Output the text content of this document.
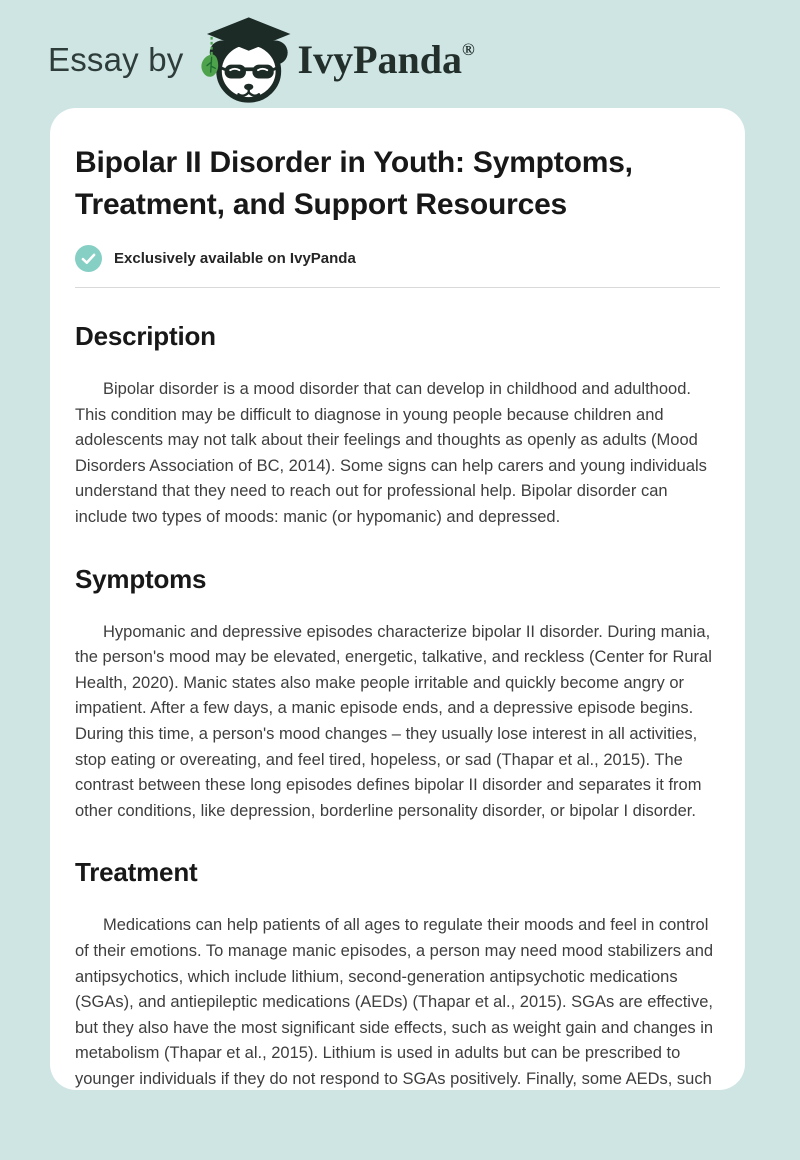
Essay by	IvyPanda®
Bipolar II Disorder in Youth: Symptoms, Treatment, and Support Resources
Exclusively available on IvyPanda
Description

Bipolar disorder is a mood disorder that can develop in childhood and adulthood. This condition may be difficult to diagnose in young people because children and adolescents may not talk about their feelings and thoughts as openly as adults (Mood Disorders Association of BC, 2014). Some signs can help carers and young individuals understand that they need to reach out for professional help. Bipolar disorder can include two types of moods: manic (or hypomanic) and depressed.

Symptoms

Hypomanic and depressive episodes characterize bipolar II disorder. During mania, the person's mood may be elevated, energetic, talkative, and reckless (Center for Rural Health, 2020). Manic states also make people irritable and quickly become angry or impatient. After a few days, a manic episode ends, and a depressive episode begins. During this time, a person's mood changes – they usually lose interest in all activities, stop eating or overeating, and feel tired, hopeless, or sad (Thapar et al., 2015). The contrast between these long episodes defines bipolar II disorder and separates it from other conditions, like depression, borderline personality disorder, or bipolar I disorder.

Treatment

Medications can help patients of all ages to regulate their moods and feel in control of their emotions. To manage manic episodes, a person may need mood stabilizers and antipsychotics, which include lithium, second-generation antipsychotic medications (SGAs), and antiepileptic medications (AEDs) (Thapar et al., 2015). SGAs are effective, but they also have the most significant side effects, such as weight gain and changes in metabolism (Thapar et al., 2015). Lithium is used in adults but can be prescribed to younger individuals if they do not respond to SGAs positively. Finally, some AEDs, such
